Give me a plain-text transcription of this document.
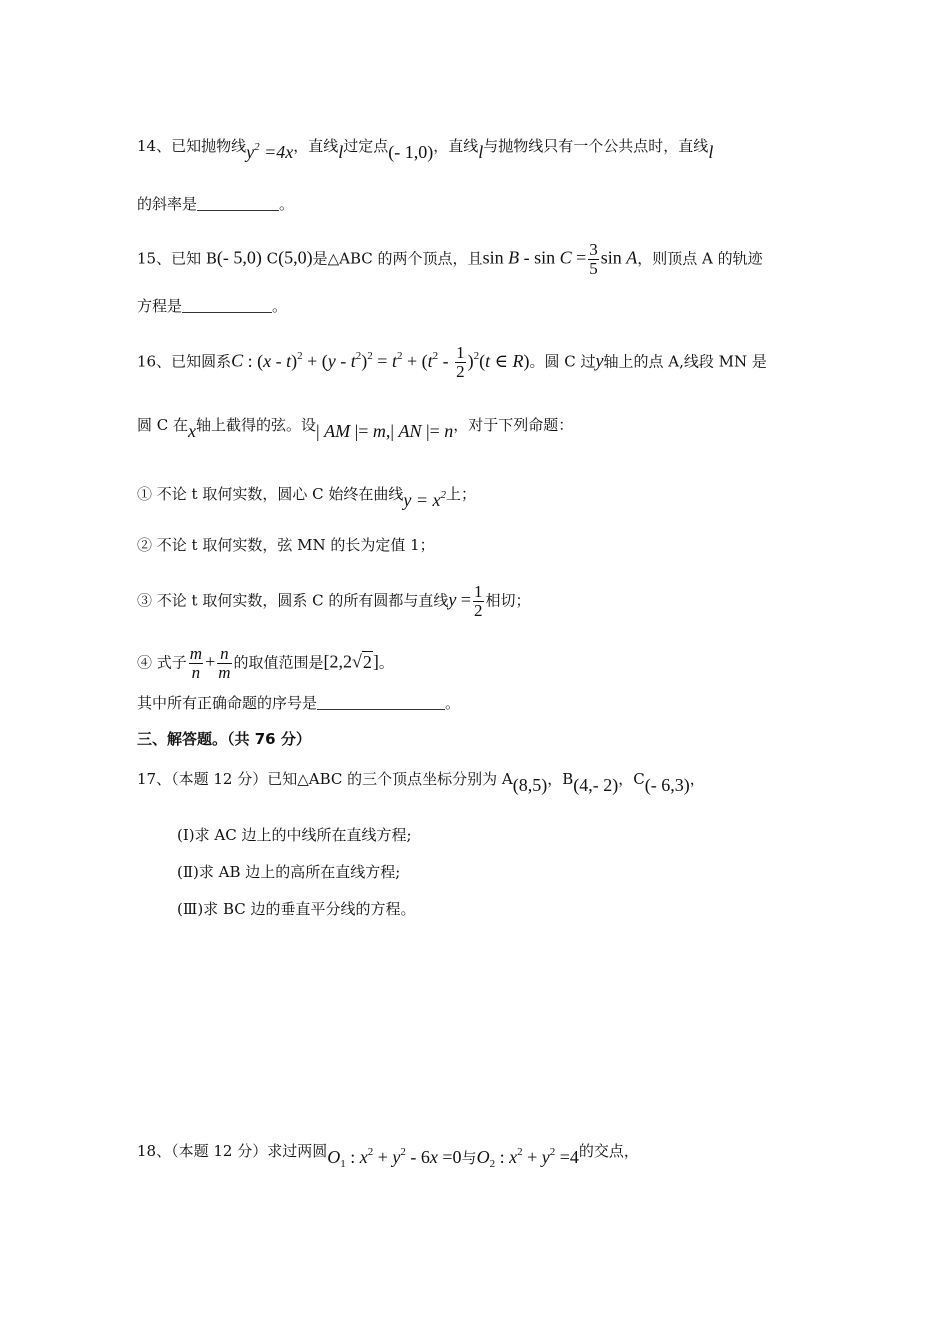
14、已知抛物线$y^2 =4x$，直线l过定点(- 1,0)，直线l与抛物线只有一个公共点时，直线l
的斜率是	。
15、已知 B(- 5,0) C(5,0)是△ABC 的两个顶点，且$\sin B - \sin C = \frac{3}{5}$ sin A，则顶点 A 的轨迹
方程是	。
16、已知圆系C : $(x - t)^2 + (y - t^2)^2 = t^2 + (t^2 - \frac{1}{2} )^2(t$ ∈ R)。圆 C 过y轴上的点 A,线段 MN 是
圆 C 在x轴上截得的弦。设| AM |= m,| AN |= n，对于下列命题：
① 不论 t 取何实数，圆心 C 始终在曲线$y = x^2$上；
② 不论 t 取何实数，弦 MN 的长为定值 1；
③ 不论 t 取何实数，圆系 C 的所有圆都与直线$y = \frac{1}{2}$ 相切；
④ 式子 $\frac{m}{n} + \frac{n}{m}$ 的取值范围是[2,2√2]。
其中所有正确命题的序号是	。
三、解答题。（共 76 分）
17、（本题 12 分）已知△ABC 的三个顶点坐标分别为 A(8,5)，B(4,- 2)，C(- 6,3)，
(Ⅰ)求 AC 边上的中线所在直线方程;
(Ⅱ)求 AB 边上的高所在直线方程;
(Ⅲ)求 BC 边的垂直平分线的方程。
18、（本题 12 分）求过两圆$O_1$ : $x^2 + y^2 - 6x =0$与$O_2$ : $x^2 + y^2 =4$的交点，
